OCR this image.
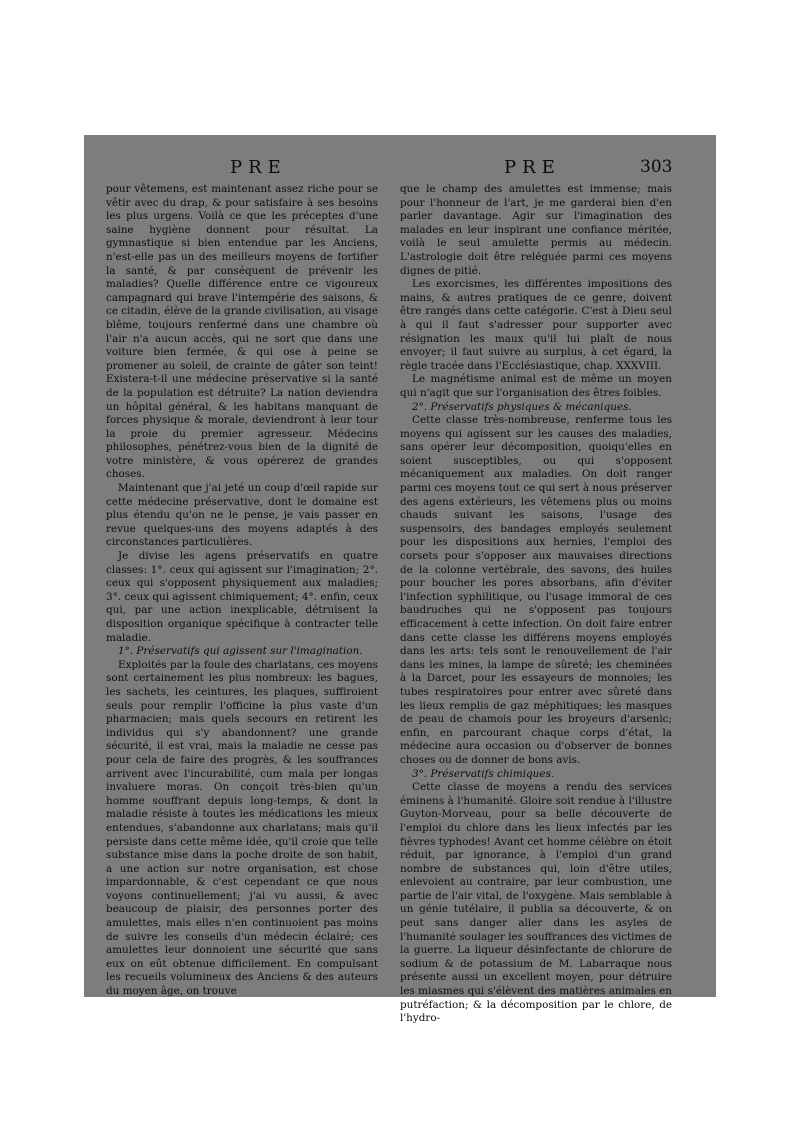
PRE	PRE	303

pour vêtemens, est maintenant assez riche pour se vêtir avec du drap, & pour satisfaire à ses besoins les plus urgens. Voilà ce que les préceptes d'une saine hygiène donnent pour résultat. La gymnastique si bien entendue par les Anciens, n'est-elle pas un des meilleurs moyens de fortifier la santé, & par conséquent de prévenir les maladies? Quelle différence entre ce vigoureux campagnard qui brave l'intempérie des saisons, & ce citadin, élève de la grande civilisation, au visage blême, toujours renfermé dans une chambre où l'air n'a aucun accès, qui ne sort que dans une voiture bien fermée, & qui ose à peine se promener au soleil, de crainte de gâter son teint! Existera-t-il une médecine préservative si la santé de la population est détruite? La nation deviendra un hôpital général, & les habitans manquant de forces physique & morale, deviendront à leur tour la proie du premier agresseur. Médecins philosophes, pénétrez-vous bien de la dignité de votre ministère, & vous opérerez de grandes choses.

Maintenant que j'ai jeté un coup d'œil rapide sur cette médecine préservative, dont le domaine est plus étendu qu'on ne le pense, je vais passer en revue quelques-uns des moyens adaptés à des circonstances particulières.

Je divise les agens préservatifs en quatre classes: 1°. ceux qui agissent sur l'imagination; 2°. ceux qui s'opposent physiquement aux maladies; 3°. ceux qui agissent chimiquement; 4°. enfin, ceux qui, par une action inexplicable, détruisent la disposition organique spécifique à contracter telle maladie.

1°. Préservatifs qui agissent sur l'imagination.

Exploités par la foule des charlatans, ces moyens sont certainement les plus nombreux: les bagues, les sachets, les ceintures, les plaques, suffiroient seuls pour remplir l'officine la plus vaste d'un pharmacien; mais quels secours en retirent les individus qui s'y abandonnent? une grande sécurité, il est vrai, mais la maladie ne cesse pas pour cela de faire des progrès, & les souffrances arrivent avec l'incurabilité, cum mala per longas invaluere moras. On conçoit très-bien qu'un homme souffrant depuis long-temps, & dont la maladie résiste à toutes les médications les mieux entendues, s'abandonne aux charlatans; mais qu'il persiste dans cette même idée, qu'il croie que telle substance mise dans la poche droite de son habit, a une action sur notre organisation, est chose impardonnable, & c'est cependant ce que nous voyons continuellement; j'ai vu aussi, & avec beaucoup de plaisir, des personnes porter des amulettes, mais elles n'en continuoient pas moins de suivre les conseils d'un médecin éclairé; ces amulettes leur donnoient une sécurité que sans eux on eût obtenue difficilement. En compulsant les recueils volumineux des Anciens & des auteurs du moyen âge, on trouve

que le champ des amulettes est immense; mais pour l'honneur de l'art, je me garderai bien d'en parler davantage. Agir sur l'imagination des malades en leur inspirant une confiance méritée, voilà le seul amulette permis au médecin. L'astrologie doit être reléguée parmi ces moyens dignes de pitié.

Les exorcismes, les différentes impositions des mains, & autres pratiques de ce genre, doivent être rangés dans cette catégorie. C'est à Dieu seul à qui il faut s'adresser pour supporter avec résignation les maux qu'il lui plaît de nous envoyer; il faut suivre au surplus, à cet égard, la règle tracée dans l'Ecclésiastique, chap. XXXVIII.

Le magnétisme animal est de même un moyen qui n'agit que sur l'organisation des êtres foibles.

2°. Préservatifs physiques & mécaniques.

Cette classe très-nombreuse, renferme tous les moyens qui agissent sur les causes des maladies, sans opérer leur décomposition, quoiqu'elles en soient susceptibles, ou qui s'opposent mécaniquement aux maladies. On doit ranger parmi ces moyens tout ce qui sert à nous préserver des agens extérieurs, les vêtemens plus ou moins chauds suivant les saisons, l'usage des suspensoirs, des bandages employés seulement pour les dispositions aux hernies, l'emploi des corsets pour s'opposer aux mauvaises directions de la colonne vertébrale, des savons, des huiles pour boucher les pores absorbans, afin d'éviter l'infection syphilitique, ou l'usage immoral de ces baudruches qui ne s'opposent pas toujours efficacement à cette infection. On doit faire entrer dans cette classe les différens moyens employés dans les arts: tels sont le renouvellement de l'air dans les mines, la lampe de sûreté; les cheminées à la Darcet, pour les essayeurs de monnoies; les tubes respiratoires pour entrer avec sûreté dans les lieux remplis de gaz méphitiques; les masques de peau de chamois pour les broyeurs d'arsenic; enfin, en parcourant chaque corps d'état, la médecine aura occasion ou d'observer de bonnes choses ou de donner de bons avis.

3°. Préservatifs chimiques.

Cette classe de moyens a rendu des services éminens à l'humanité. Gloire soit rendue à l'illustre Guyton-Morveau, pour sa belle découverte de l'emploi du chlore dans les lieux infectés par les fièvres typhodes! Avant cet homme célèbre on étoit réduit, par ignorance, à l'emploi d'un grand nombre de substances qui, loin d'être utiles, enlevoient au contraire, par leur combustion, une partie de l'air vital, de l'oxygène. Mais semblable à un génie tutélaire, il publia sa découverte, & on peut sans danger aller dans les asyles de l'humanité soulager les souffrances des victimes de la guerre. La liqueur désinfectante de chlorure de sodium & de potassium de M. Labarraque nous présente aussi un excellent moyen, pour détruire les miasmes qui s'élèvent des matières animales en putréfaction; & la décomposition par le chlore, de l'hydro-
